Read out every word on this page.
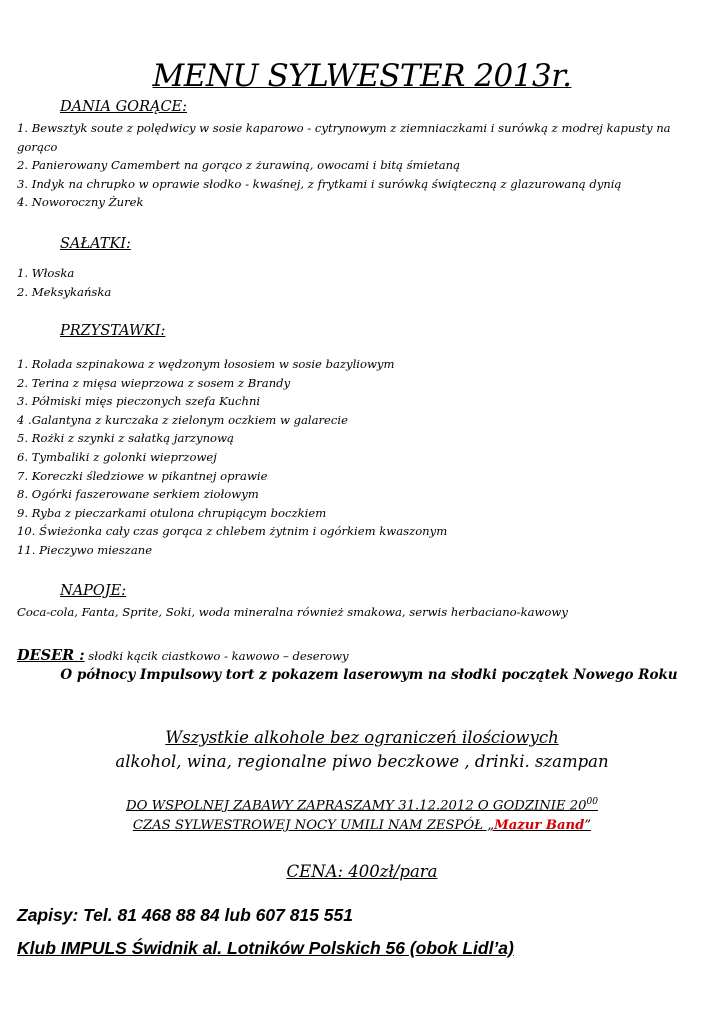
MENU SYLWESTER 2013r.
DANIA GORĄCE:
1. Bewsztyk soute z polędwicy w sosie kaparowo - cytrynowym z ziemniaczkami i surówką z modrej kapusty na gorąco
2. Panierowany Camembert na gorąco z żurawiną, owocami i bitą śmietaną
3. Indyk na chrupko w oprawie słodko - kwaśnej, z frytkami i surówką świąteczną z glazurowaną dynią
4. Noworoczny Żurek
SAŁATKI:
1. Włoska
2. Meksykańska
PRZYSTAWKI:
1. Rolada szpinakowa z wędzonym łososiem w sosie bazyliowym
2. Terina z mięsa wieprzowa z sosem z Brandy
3. Półmiski mięs pieczonych szefa Kuchni
4 .Galantyna z kurczaka z zielonym oczkiem w galarecie
5. Rożki z szynki z sałatką jarzynową
6. Tymbaliki z golonki wieprzowej
7. Koreczki śledziowe w pikantnej oprawie
8. Ogórki faszerowane serkiem ziołowym
9. Ryba z pieczarkami otulona chrupiącym boczkiem
10. Świeżonka cały czas gorąca z chlebem żytnim i ogórkiem kwaszonym
11. Pieczywo mieszane
NAPOJE:
Coca-cola, Fanta, Sprite, Soki, woda mineralna również smakowa, serwis herbaciano-kawowy
DESER : słodki kącik ciastkowo - kawowo – deserowy
O północy Impulsowy tort z pokazem laserowym na słodki początek Nowego Roku
Wszystkie alkohole bez ograniczeń ilościowych
alkohol, wina, regionalne piwo beczkowe , drinki. szampan
DO WSPOLNEJ ZABAWY ZAPRASZAMY 31.12.2012 O GODZINIE $20^{00}$
CZAS SYLWESTROWEJ NOCY UMILI NAM ZESPÓŁ „Mazur Band”
CENA: 400zł/para
Zapisy: Tel. 81 468 88 84 lub 607 815 551
Klub IMPULS Świdnik al. Lotników Polskich 56 (obok Lidl’a)
